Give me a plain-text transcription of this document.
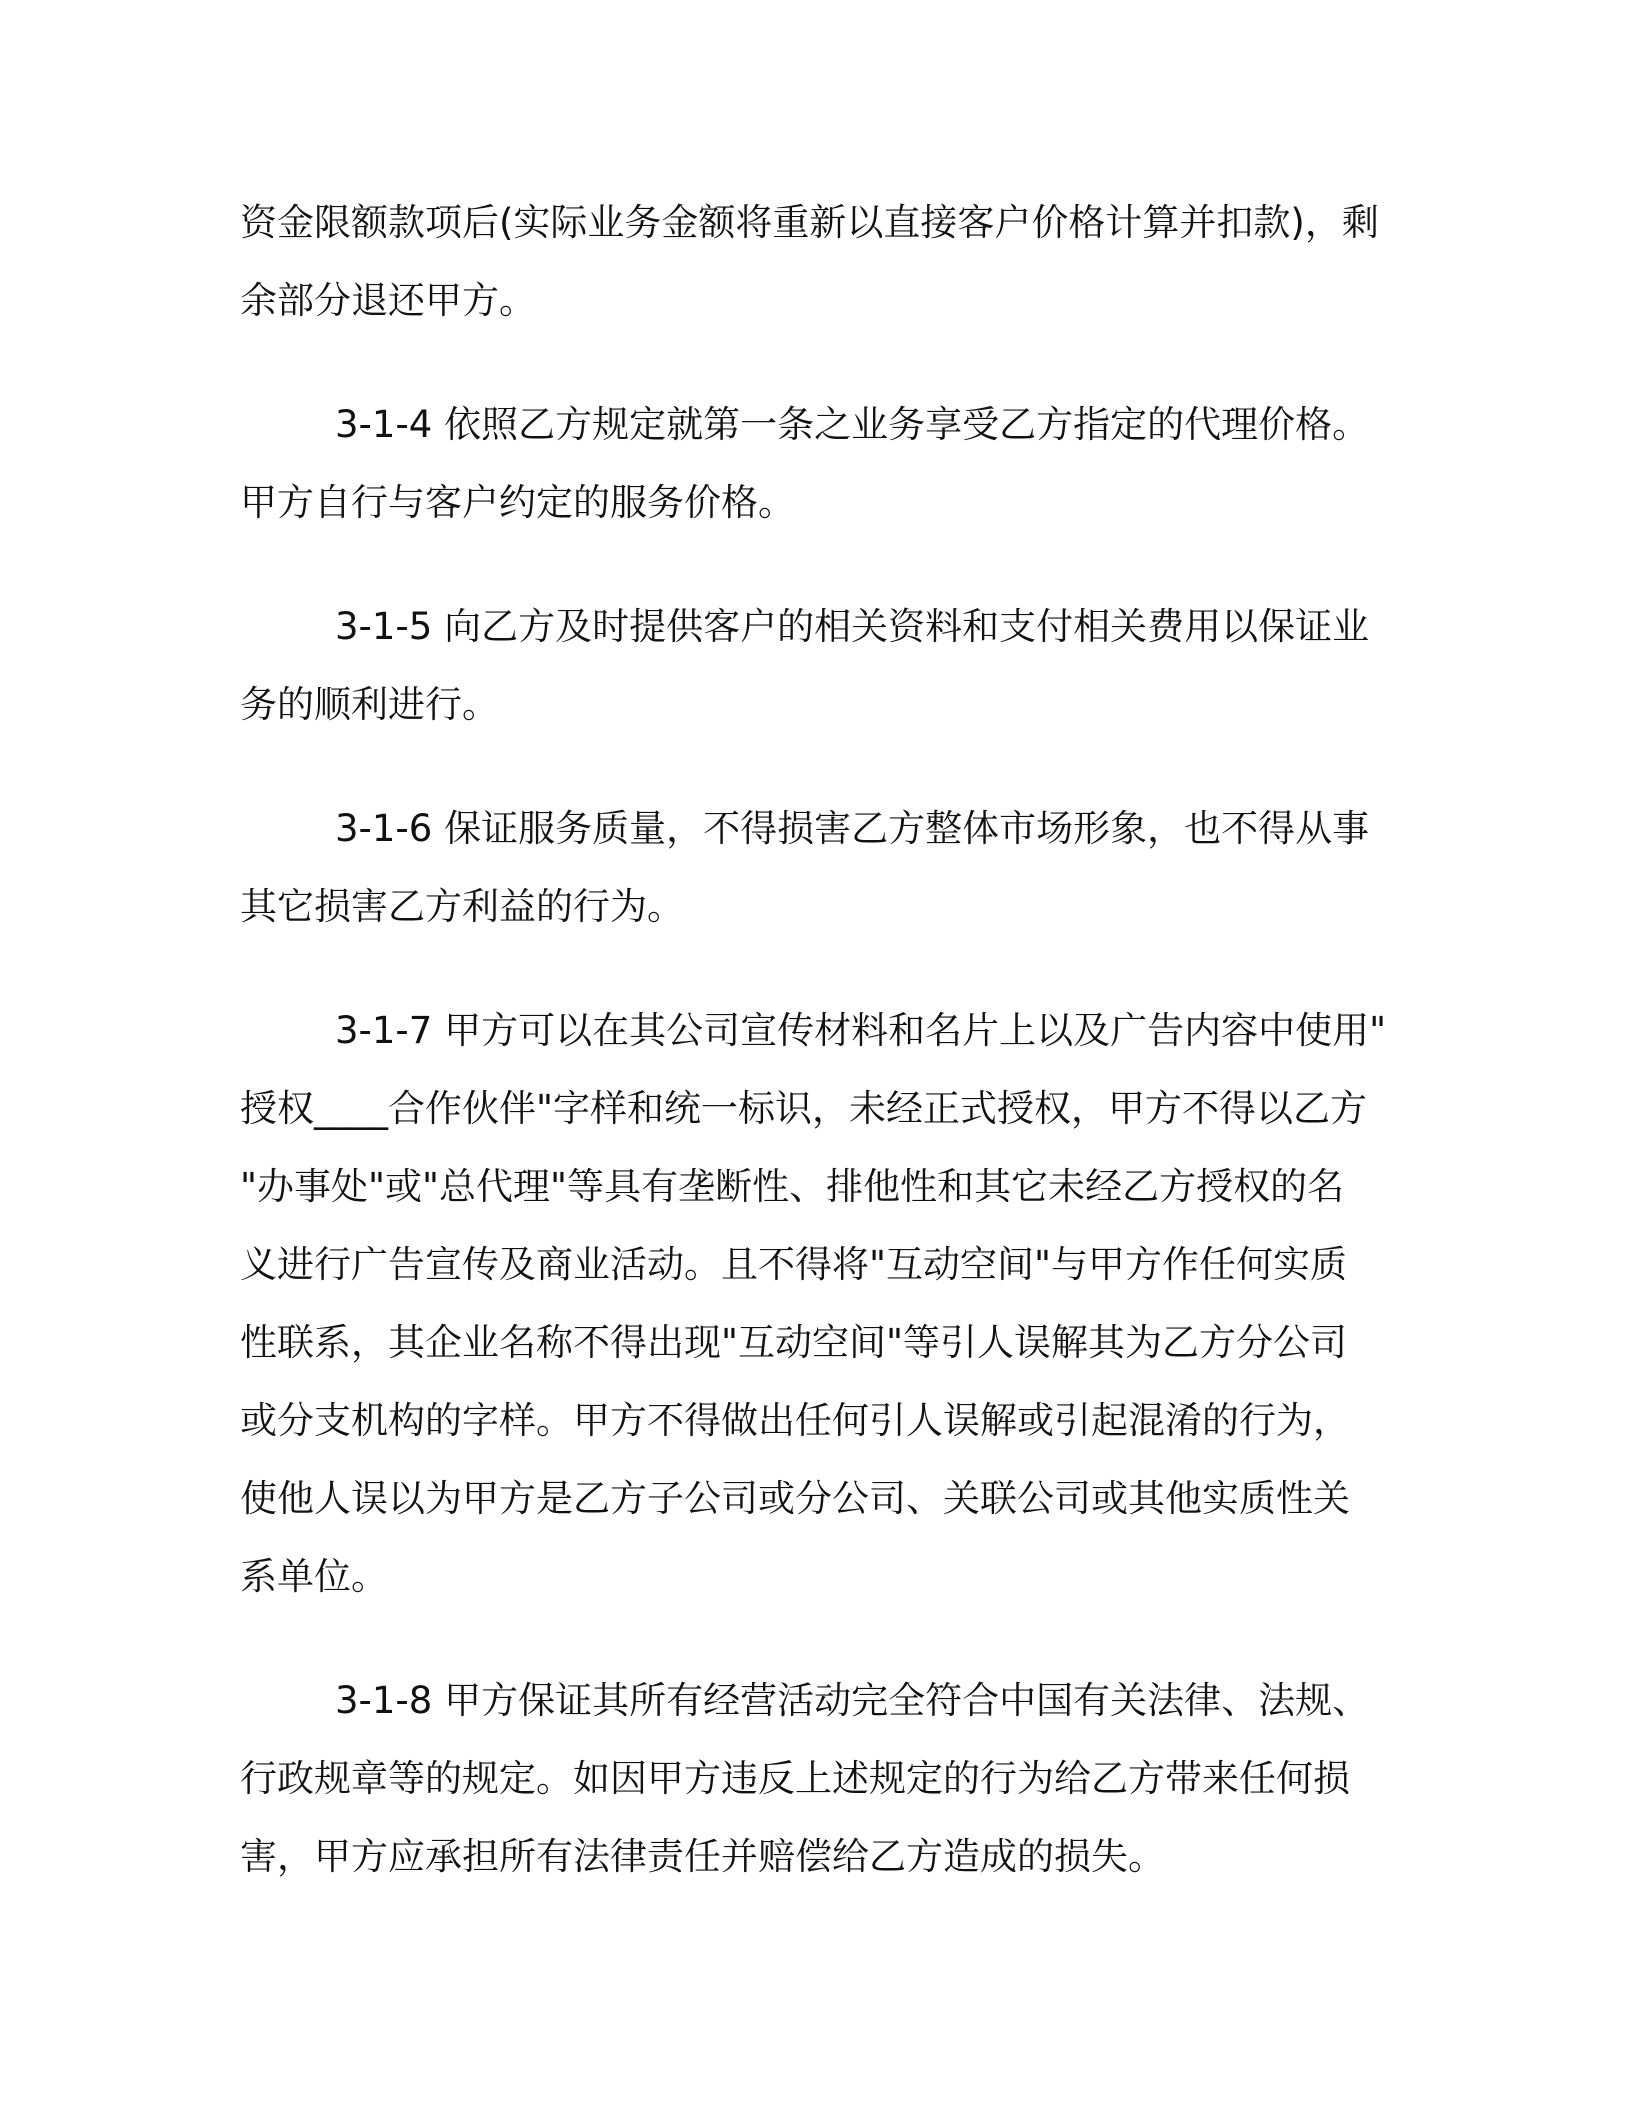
资金限额款项后(实际业务金额将重新以直接客户价格计算并扣款)，剩
余部分退还甲方。

3-1-4 依照乙方规定就第一条之业务享受乙方指定的代理价格。
甲方自行与客户约定的服务价格。

3-1-5 向乙方及时提供客户的相关资料和支付相关费用以保证业
务的顺利进行。

3-1-6 保证服务质量，不得损害乙方整体市场形象，也不得从事
其它损害乙方利益的行为。

3-1-7 甲方可以在其公司宣传材料和名片上以及广告内容中使用"
授权____合作伙伴"字样和统一标识，未经正式授权，甲方不得以乙方
"办事处"或"总代理"等具有垄断性、排他性和其它未经乙方授权的名
义进行广告宣传及商业活动。且不得将"互动空间"与甲方作任何实质
性联系，其企业名称不得出现"互动空间"等引人误解其为乙方分公司
或分支机构的字样。甲方不得做出任何引人误解或引起混淆的行为，
使他人误以为甲方是乙方子公司或分公司、关联公司或其他实质性关
系单位。

3-1-8 甲方保证其所有经营活动完全符合中国有关法律、法规、
行政规章等的规定。如因甲方违反上述规定的行为给乙方带来任何损
害，甲方应承担所有法律责任并赔偿给乙方造成的损失。
